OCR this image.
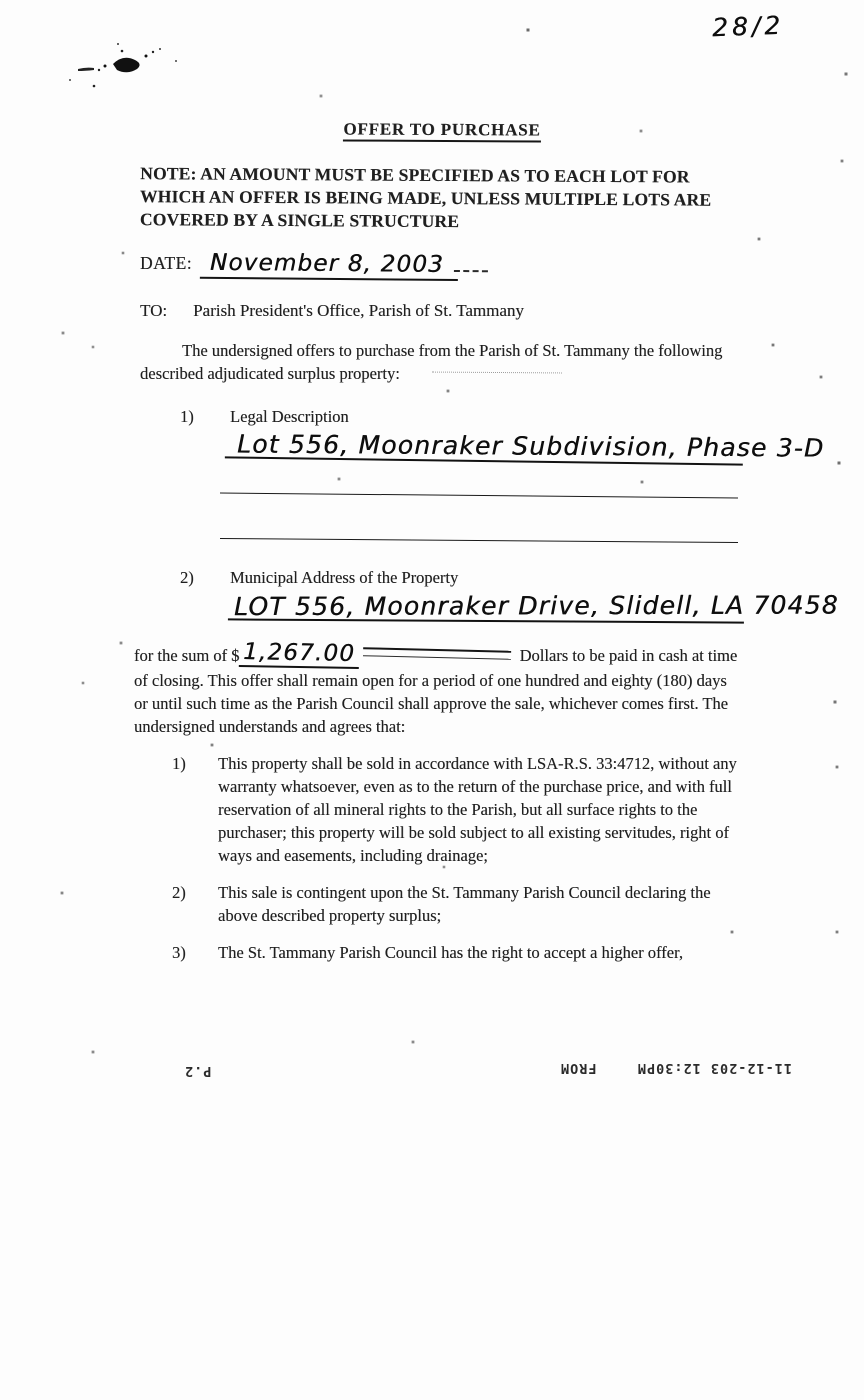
28/2
OFFER TO PURCHASE
NOTE: AN AMOUNT MUST BE SPECIFIED AS TO EACH LOT FOR WHICH AN OFFER IS BEING MADE, UNLESS MULTIPLE LOTS ARE COVERED BY A SINGLE STRUCTURE
DATE: November 8, 2003
TO: Parish President's Office, Parish of St. Tammany
The undersigned offers to purchase from the Parish of St. Tammany the following described adjudicated surplus property:
1)	Legal Description
Lot 556, Moonraker Subdivision, Phase 3-D
2)	Municipal Address of the Property
LOT 556, Moonraker Drive, Slidell, LA 70458
for the sum of $ 1,267.00	Dollars to be paid in cash at time of closing. This offer shall remain open for a period of one hundred and eighty (180) days or until such time as the Parish Council shall approve the sale, whichever comes first. The undersigned understands and agrees that:
1)	This property shall be sold in accordance with LSA-R.S. 33:4712, without any warranty whatsoever, even as to the return of the purchase price, and with full reservation of all mineral rights to the Parish, but all surface rights to the purchaser; this property will be sold subject to all existing servitudes, right of ways and easements, including drainage;
2)	This sale is contingent upon the St. Tammany Parish Council declaring the above described property surplus;
3)	The St. Tammany Parish Council has the right to accept a higher offer,
11-12-203 12:30PM
FROM
P.2
